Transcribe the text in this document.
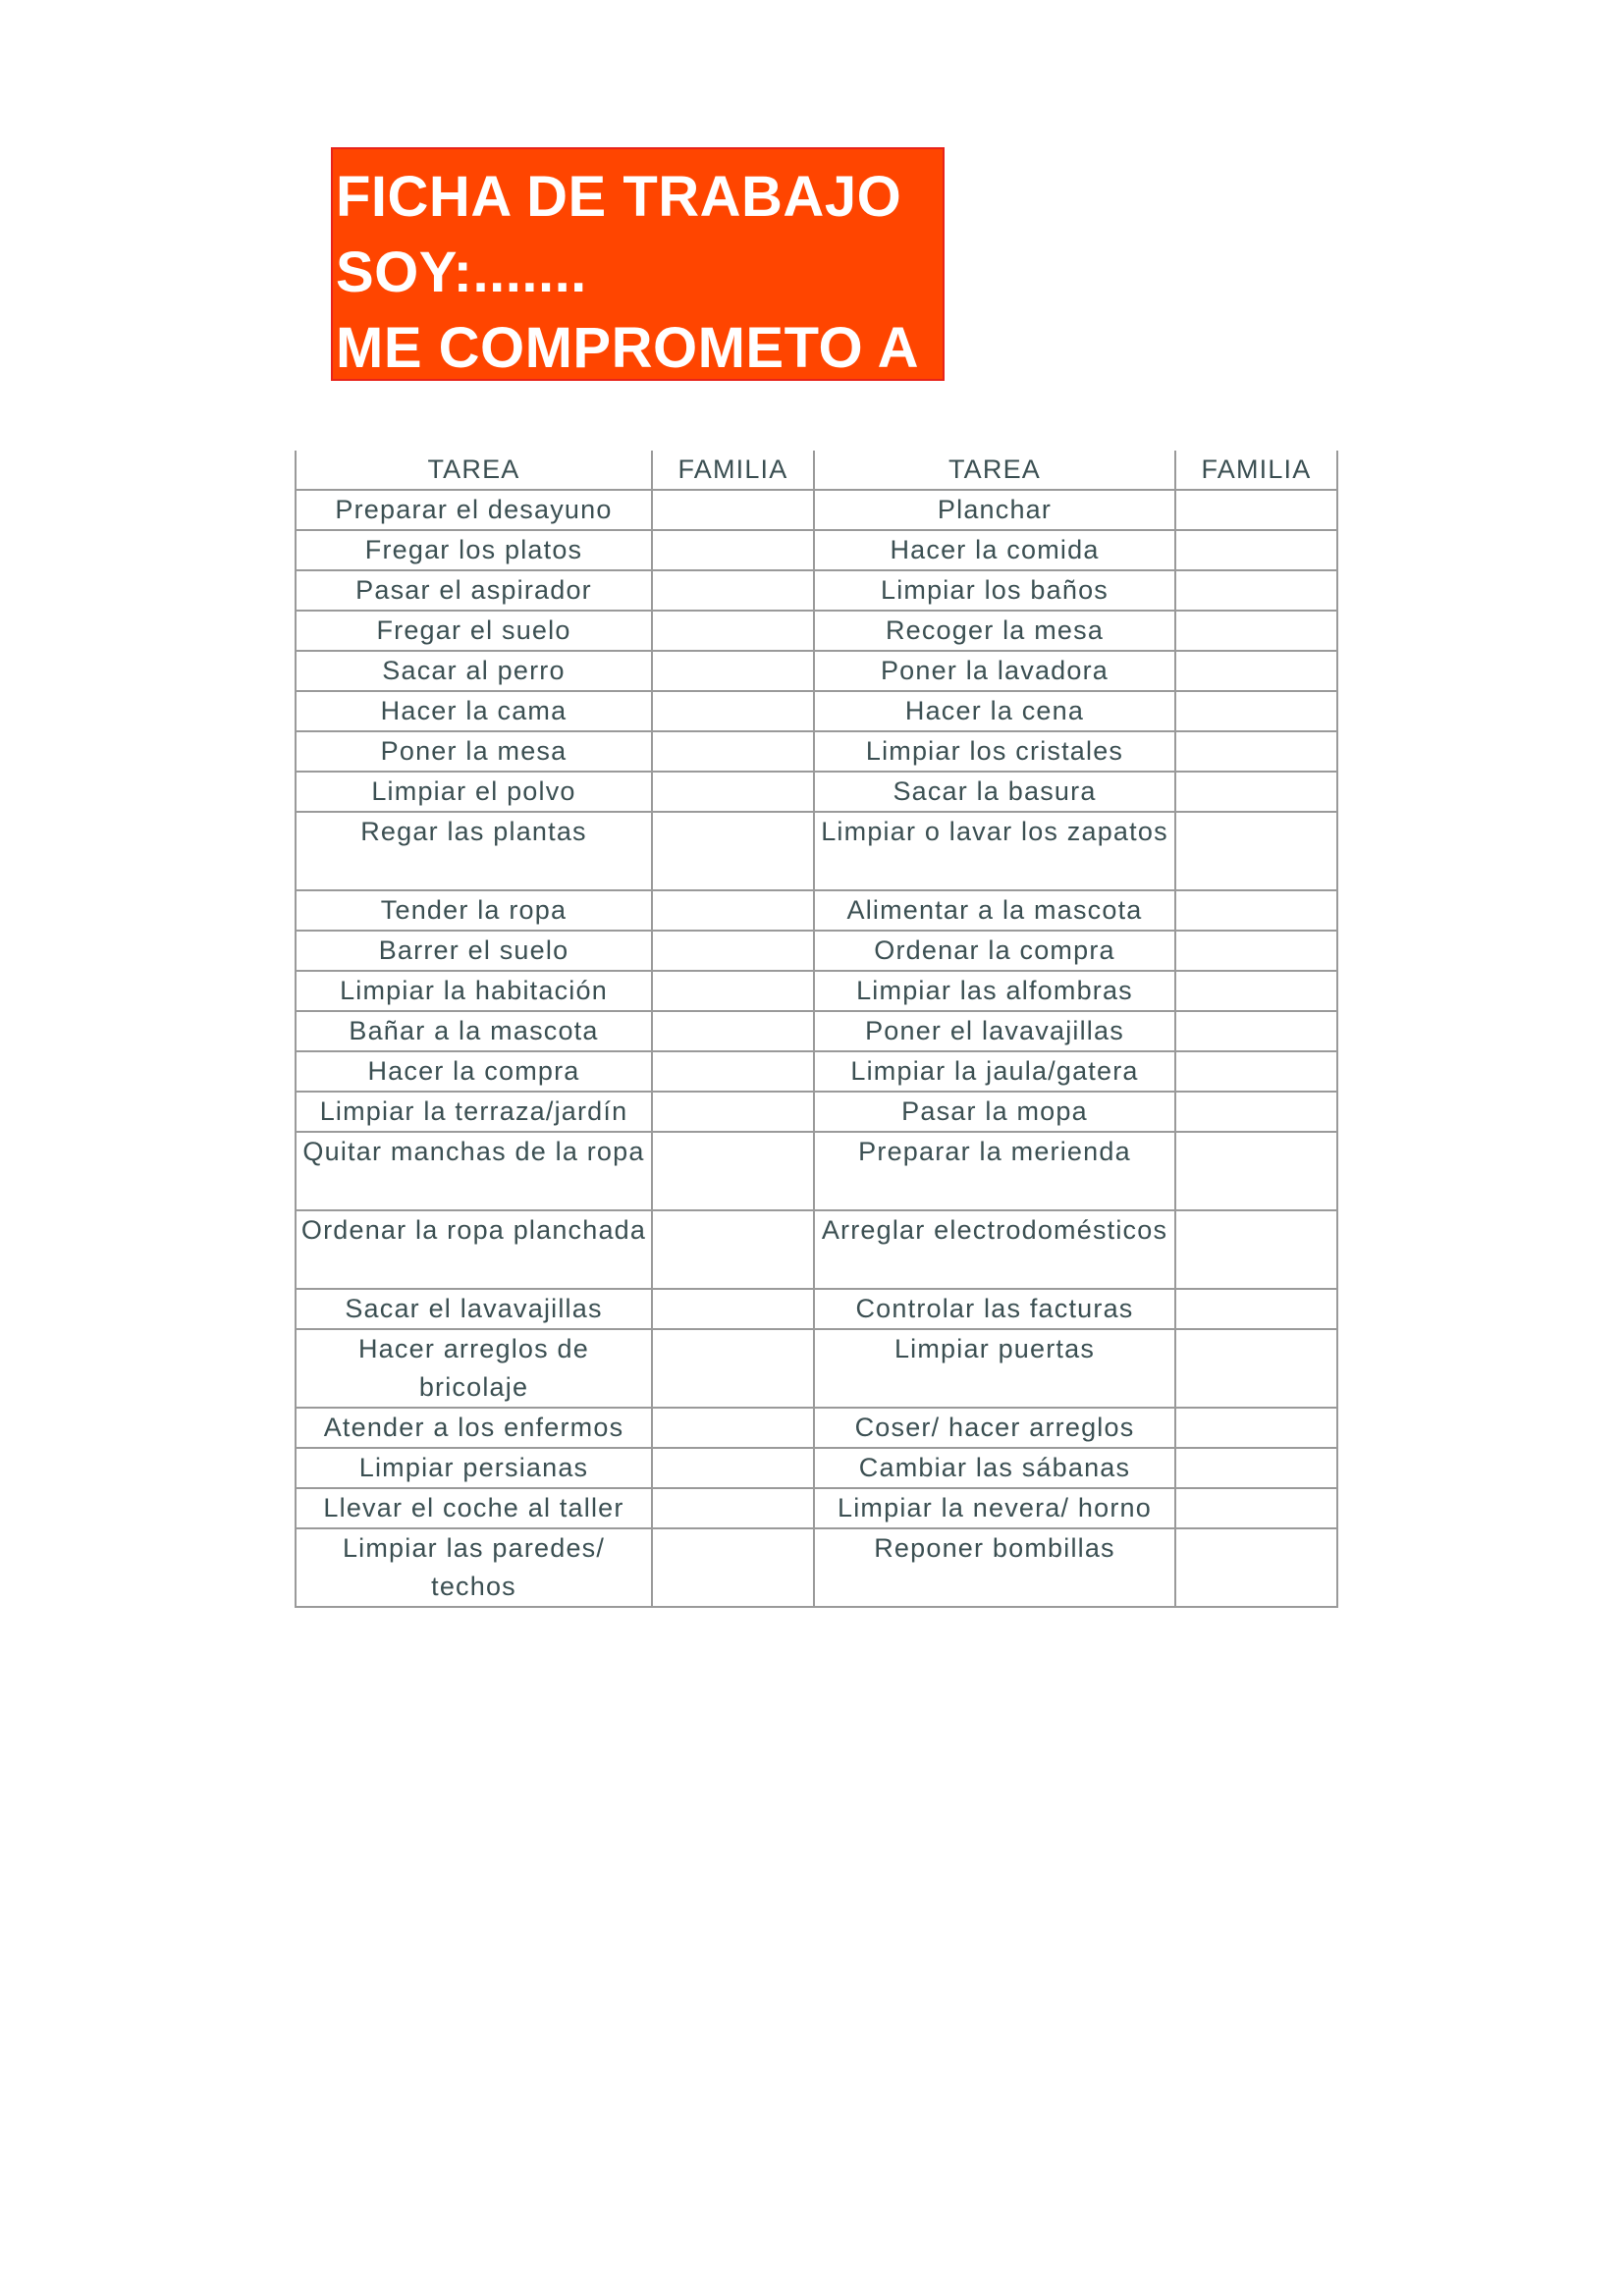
FICHA DE TRABAJO
SOY:.......
ME COMPROMETO A
TAREA	FAMILIA	TAREA	FAMILIA
Preparar el desayuno		Planchar	
Fregar los platos		Hacer la comida	
Pasar el aspirador		Limpiar los baños	
Fregar el suelo		Recoger la mesa	
Sacar al perro		Poner la lavadora	
Hacer la cama		Hacer la cena	
Poner la mesa		Limpiar los cristales	
Limpiar el polvo		Sacar la basura	
Regar las plantas		Limpiar o lavar los zapatos	
Tender la ropa		Alimentar a la mascota	
Barrer el suelo		Ordenar la compra	
Limpiar la habitación		Limpiar las alfombras	
Bañar a la mascota		Poner el lavavajillas	
Hacer la compra		Limpiar la jaula/gatera	
Limpiar la terraza/jardín		Pasar la mopa	
Quitar manchas de la ropa		Preparar la merienda	
Ordenar la ropa planchada		Arreglar electrodomésticos	
Sacar el lavavajillas		Controlar las facturas	
Hacer arreglos de bricolaje		Limpiar puertas	
Atender a los enfermos		Coser/ hacer arreglos	
Limpiar persianas		Cambiar las sábanas	
Llevar el coche al taller		Limpiar la nevera/ horno	
Limpiar las paredes/ techos		Reponer bombillas	
